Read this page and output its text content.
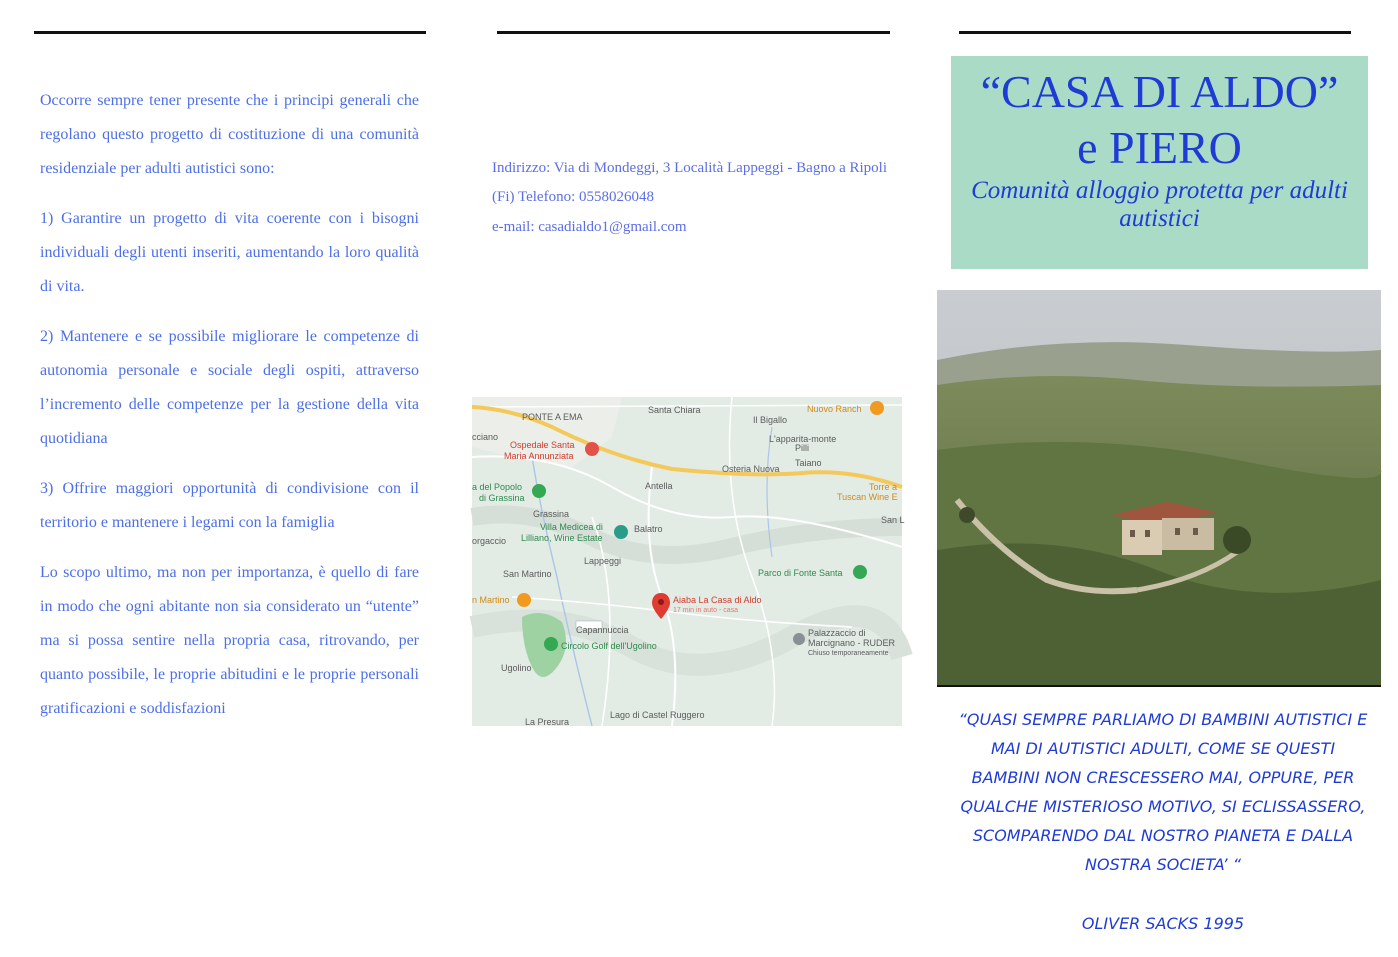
Occorre sempre tener presente che i principi generali che regolano questo progetto di costituzione di una comunità residenziale per adulti autistici sono:

1) Garantire un progetto di vita coerente con i bisogni individuali degli utenti inseriti, aumentando la loro qualità di vita.

2) Mantenere e se possibile migliorare le competenze di autonomia personale e sociale degli ospiti, attraverso l’incremento delle competenze per la gestione della vita quotidiana

3) Offrire maggiori opportunità di condivisione con il territorio e mantenere i legami con la famiglia

Lo scopo ultimo, ma non per importanza, è quello di fare in modo che ogni abitante non sia considerato un “utente” ma si possa sentire nella propria casa, ritrovando, per quanto possibile, le proprie abitudini e le proprie personali gratificazioni e soddisfazioni

Indirizzo: Via di Mondeggi, 3 Località Lappeggi - Bagno a Ripoli (Fi) Telefono: 0558026048
e-mail: casadialdo1@gmail.com
PONTE A EMA
Santa Chiara
Il Bigallo
Nuovo Ranch
cciano
Ospedale Santa
Maria Annunziata
L'apparita-monte
Pilli
Osteria Nuova
Taiano
Antella
a del Popolo
di Grassina
Torre a
Tuscan Wine E
Grassina
Villa Medicea di
Lilliano, Wine Estate
Balatro
San L
orgaccio
Lappeggi
San Martino	Parco di Fonte Santa
Aiaba La Casa di Aldo
17 min in auto - casa
n Martino
Capannuccia
Circolo Golf dell'Ugolino
Palazzaccio di
Marcignano - RUDER
Chiuso temporaneamente
Ugolino
Lago di Castel Ruggero
La Presura
“CASA DI ALDO”
e PIERO
Comunità alloggio protetta per adulti autistici
“QUASI SEMPRE PARLIAMO DI BAMBINI AUTISTICI E
MAI DI AUTISTICI ADULTI, COME SE QUESTI
BAMBINI NON CRESCESSERO MAI, OPPURE, PER
QUALCHE MISTERIOSO MOTIVO, SI ECLISSASSERO,
SCOMPARENDO DAL NOSTRO PIANETA E DALLA
NOSTRA SOCIETA’ “
OLIVER SACKS 1995
